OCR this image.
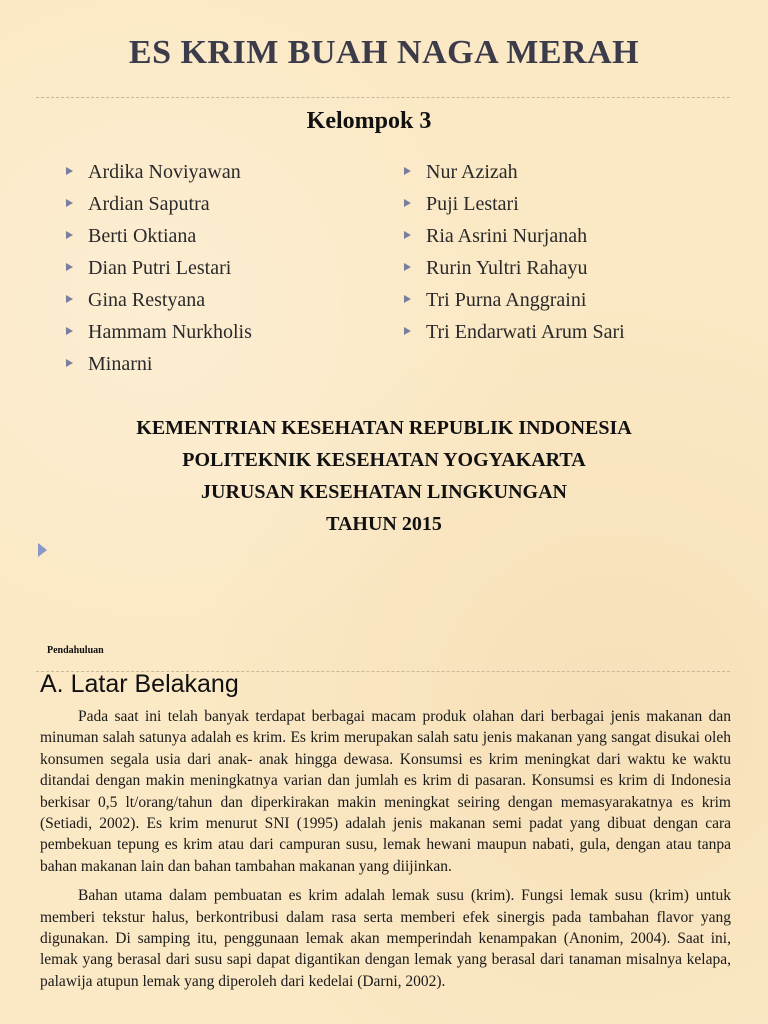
ES KRIM BUAH NAGA MERAH
Kelompok 3
Ardika Noviyawan
Ardian Saputra
Berti Oktiana
Dian Putri Lestari
Gina Restyana
Hammam Nurkholis
Minarni
Nur Azizah
Puji Lestari
Ria Asrini Nurjanah
Rurin Yultri Rahayu
Tri Purna Anggraini
Tri Endarwati Arum Sari
KEMENTRIAN KESEHATAN REPUBLIK INDONESIA
POLITEKNIK KESEHATAN YOGYAKARTA
JURUSAN KESEHATAN LINGKUNGAN
TAHUN 2015
Pendahuluan
A. Latar Belakang

Pada saat ini telah banyak terdapat berbagai macam produk olahan dari berbagai jenis makanan dan minuman salah satunya adalah es krim. Es krim merupakan salah satu jenis makanan yang sangat disukai oleh konsumen segala usia dari anak- anak hingga dewasa. Konsumsi es krim meningkat dari waktu ke waktu ditandai dengan makin meningkatnya varian dan jumlah es krim di pasaran. Konsumsi es krim di Indonesia berkisar 0,5 lt/orang/tahun dan diperkirakan makin meningkat seiring dengan memasyarakatnya es krim (Setiadi, 2002). Es krim menurut SNI (1995) adalah jenis makanan semi padat yang dibuat dengan cara pembekuan tepung es krim atau dari campuran susu, lemak hewani maupun nabati, gula, dengan atau tanpa bahan makanan lain dan bahan tambahan makanan yang diijinkan.

Bahan utama dalam pembuatan es krim adalah lemak susu (krim). Fungsi lemak susu (krim) untuk memberi tekstur halus, berkontribusi dalam rasa serta memberi efek sinergis pada tambahan flavor yang digunakan. Di samping itu, penggunaan lemak akan memperindah kenampakan (Anonim, 2004). Saat ini, lemak yang berasal dari susu sapi dapat digantikan dengan lemak yang berasal dari tanaman misalnya kelapa, palawija atupun lemak yang diperoleh dari kedelai (Darni, 2002).
